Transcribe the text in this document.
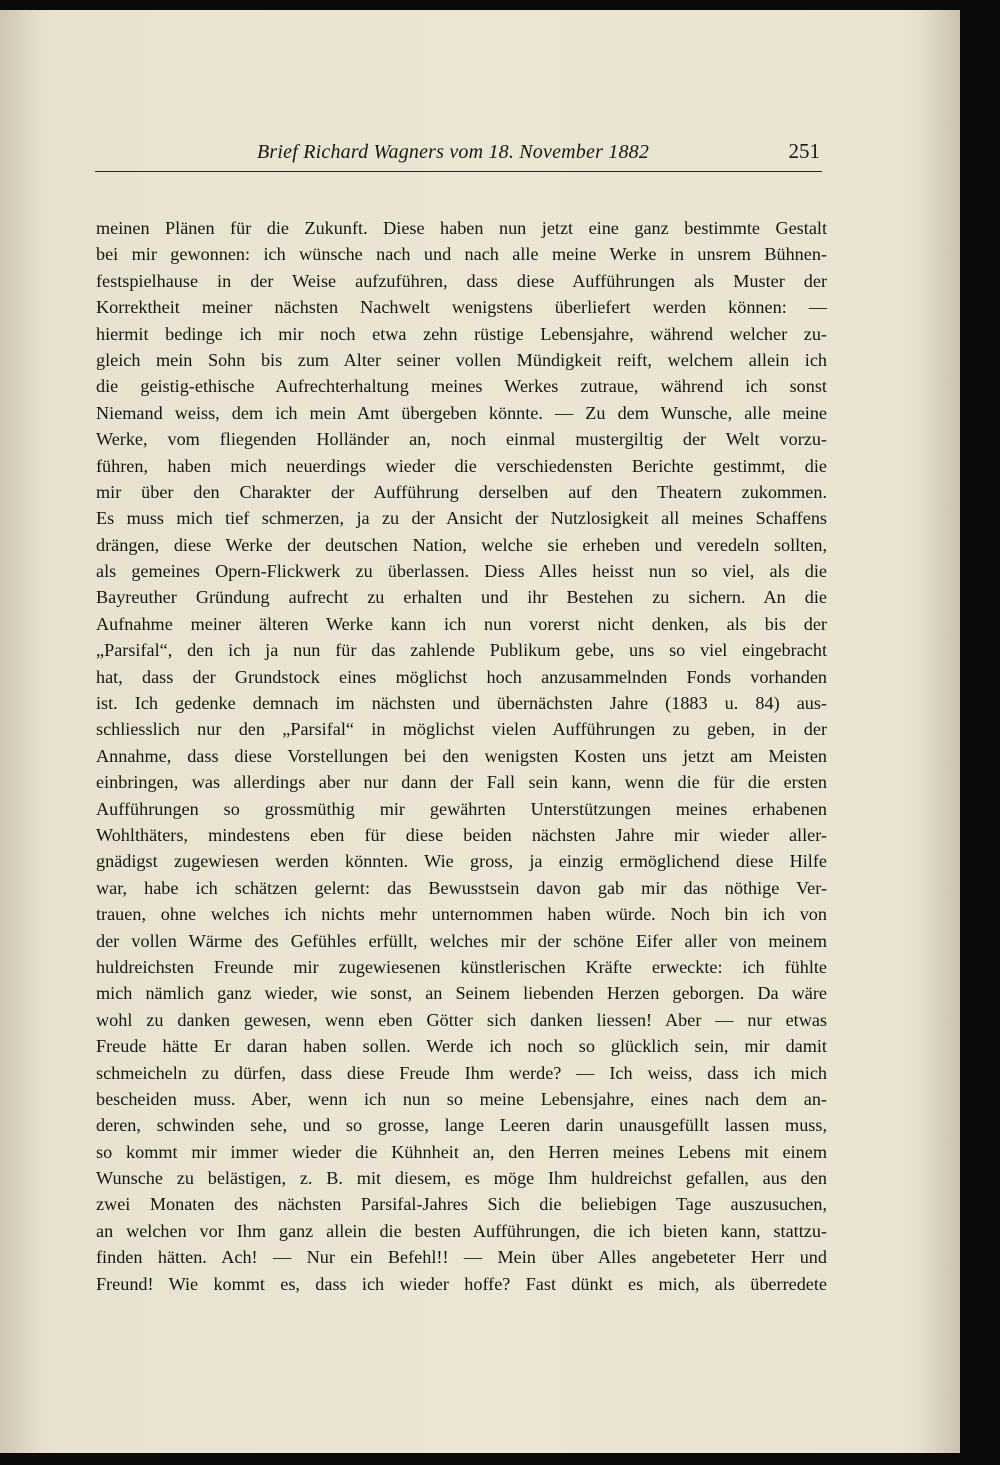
Brief Richard Wagners vom 18. November 1882	251
meinen Plänen für die Zukunft. Diese haben nun jetzt eine ganz bestimmte Gestalt
bei mir gewonnen: ich wünsche nach und nach alle meine Werke in unsrem Bühnen-
festspielhause in der Weise aufzuführen, dass diese Aufführungen als Muster der
Korrektheit meiner nächsten Nachwelt wenigstens überliefert werden können: —
hiermit bedinge ich mir noch etwa zehn rüstige Lebensjahre, während welcher zu-
gleich mein Sohn bis zum Alter seiner vollen Mündigkeit reift, welchem allein ich
die geistig-ethische Aufrechterhaltung meines Werkes zutraue, während ich sonst
Niemand weiss, dem ich mein Amt übergeben könnte. — Zu dem Wunsche, alle meine
Werke, vom fliegenden Holländer an, noch einmal mustergiltig der Welt vorzu-
führen, haben mich neuerdings wieder die verschiedensten Berichte gestimmt, die
mir über den Charakter der Aufführung derselben auf den Theatern zukommen.
Es muss mich tief schmerzen, ja zu der Ansicht der Nutzlosigkeit all meines Schaffens
drängen, diese Werke der deutschen Nation, welche sie erheben und veredeln sollten,
als gemeines Opern-Flickwerk zu überlassen. Diess Alles heisst nun so viel, als die
Bayreuther Gründung aufrecht zu erhalten und ihr Bestehen zu sichern. An die
Aufnahme meiner älteren Werke kann ich nun vorerst nicht denken, als bis der
„Parsifal“, den ich ja nun für das zahlende Publikum gebe, uns so viel eingebracht
hat, dass der Grundstock eines möglichst hoch anzusammelnden Fonds vorhanden
ist. Ich gedenke demnach im nächsten und übernächsten Jahre (1883 u. 84) aus-
schliesslich nur den „Parsifal“ in möglichst vielen Aufführungen zu geben, in der
Annahme, dass diese Vorstellungen bei den wenigsten Kosten uns jetzt am Meisten
einbringen, was allerdings aber nur dann der Fall sein kann, wenn die für die ersten
Aufführungen so grossmüthig mir gewährten Unterstützungen meines erhabenen
Wohlthäters, mindestens eben für diese beiden nächsten Jahre mir wieder aller-
gnädigst zugewiesen werden könnten. Wie gross, ja einzig ermöglichend diese Hilfe
war, habe ich schätzen gelernt: das Bewusstsein davon gab mir das nöthige Ver-
trauen, ohne welches ich nichts mehr unternommen haben würde. Noch bin ich von
der vollen Wärme des Gefühles erfüllt, welches mir der schöne Eifer aller von meinem
huldreichsten Freunde mir zugewiesenen künstlerischen Kräfte erweckte: ich fühlte
mich nämlich ganz wieder, wie sonst, an Seinem liebenden Herzen geborgen. Da wäre
wohl zu danken gewesen, wenn eben Götter sich danken liessen! Aber — nur etwas
Freude hätte Er daran haben sollen. Werde ich noch so glücklich sein, mir damit
schmeicheln zu dürfen, dass diese Freude Ihm werde? — Ich weiss, dass ich mich
bescheiden muss. Aber, wenn ich nun so meine Lebensjahre, eines nach dem an-
deren, schwinden sehe, und so grosse, lange Leeren darin unausgefüllt lassen muss,
so kommt mir immer wieder die Kühnheit an, den Herren meines Lebens mit einem
Wunsche zu belästigen, z. B. mit diesem, es möge Ihm huldreichst gefallen, aus den
zwei Monaten des nächsten Parsifal-Jahres Sich die beliebigen Tage auszusuchen,
an welchen vor Ihm ganz allein die besten Aufführungen, die ich bieten kann, stattzu-
finden hätten. Ach! — Nur ein Befehl!! — Mein über Alles angebeteter Herr und
Freund! Wie kommt es, dass ich wieder hoffe? Fast dünkt es mich, als überredete
